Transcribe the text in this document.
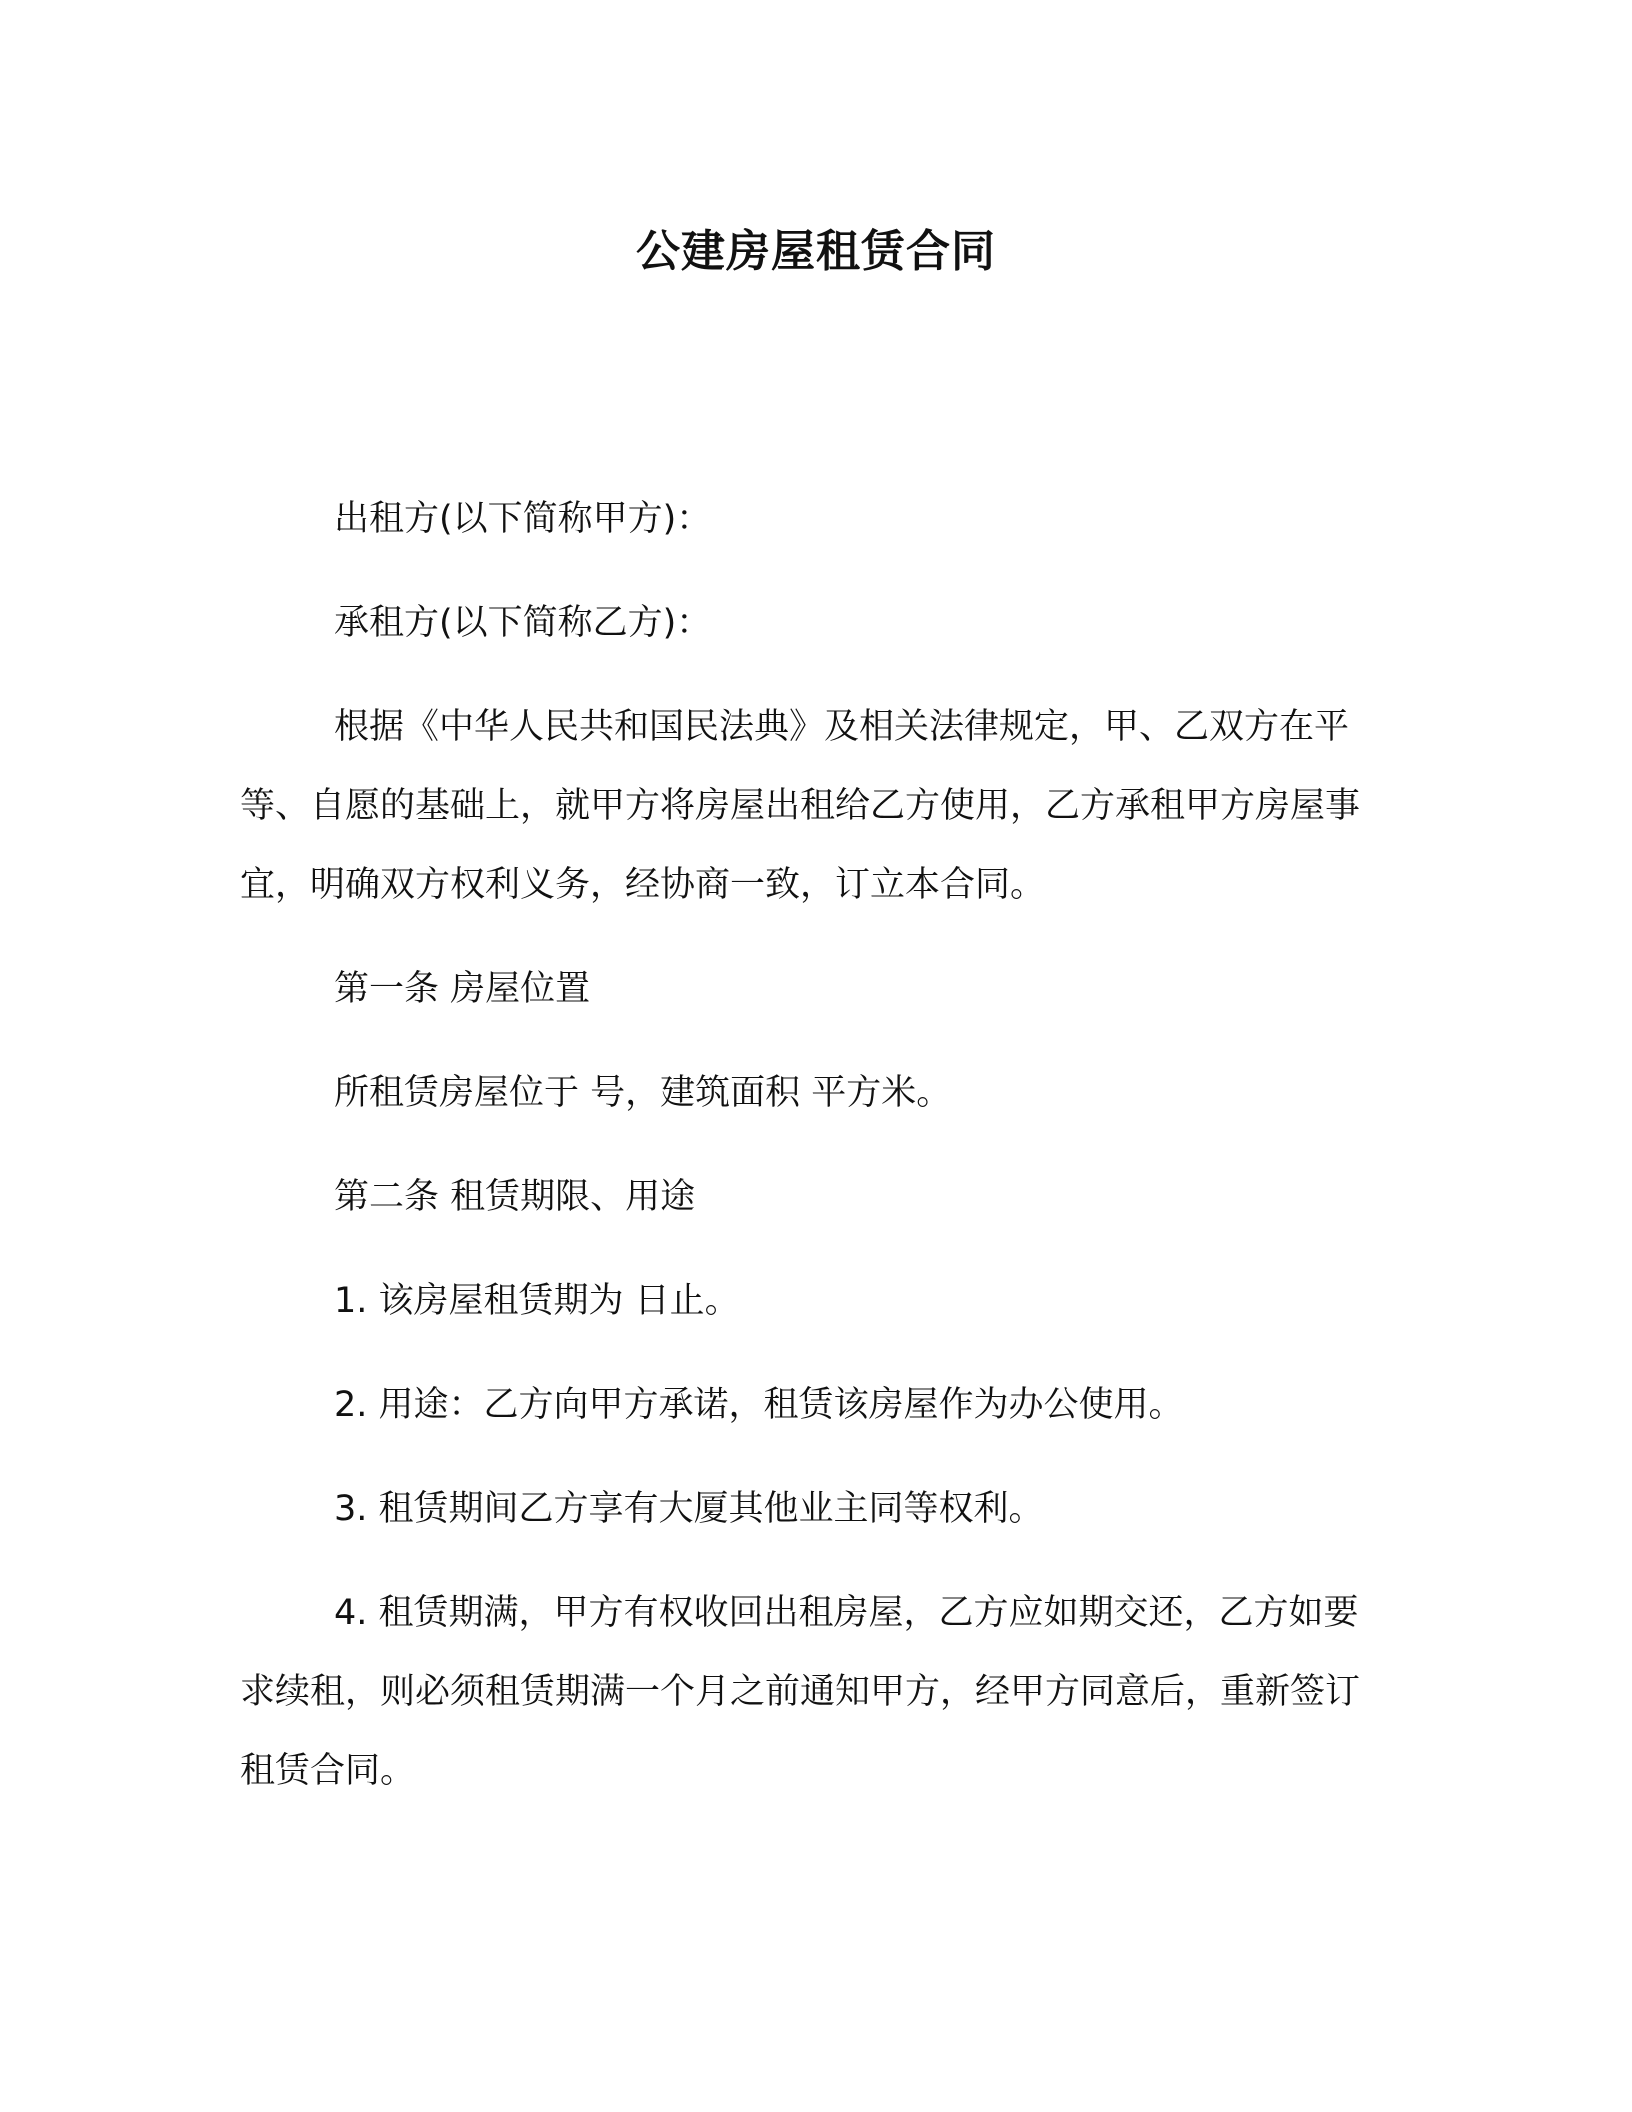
公建房屋租赁合同

出租方(以下简称甲方)：

承租方(以下简称乙方)：

根据《中华人民共和国民法典》及相关法律规定，甲、乙双方在平等、自愿的基础上，就甲方将房屋出租给乙方使用，乙方承租甲方房屋事宜，明确双方权利义务，经协商一致，订立本合同。

第一条 房屋位置

所租赁房屋位于 号，建筑面积 平方米。

第二条 租赁期限、用途

1. 该房屋租赁期为 日止。

2. 用途：乙方向甲方承诺，租赁该房屋作为办公使用。

3. 租赁期间乙方享有大厦其他业主同等权利。

4. 租赁期满，甲方有权收回出租房屋，乙方应如期交还，乙方如要求续租，则必须租赁期满一个月之前通知甲方，经甲方同意后，重新签订租赁合同。
